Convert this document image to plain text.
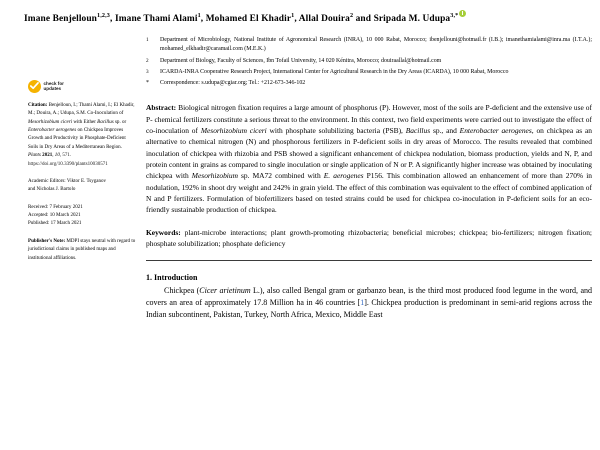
Imane Benjelloun$^{1,2,3}$, Imane Thami Alami$^1$, Mohamed El Khadir$^1$, Allal Douira$^2$ and Sripada M. Udupa$^{3,*}$
check for
updates
Citation: Benjelloun, I.; Thami Alami, I.; El Khadir, M.; Douira, A.; Udupa, S.M. Co-Inoculation of Mesorhizobium ciceri with Either Bacillus sp. or Enterobacter aerogenes on Chickpea Improves Growth and Productivity in Phosphate-Deficient Soils in Dry Areas of a Mediterranean Region. Plants 2021, 10, 571. https://doi.org/10.3390/plants10030571
Academic Editors: Viktor E. Tsyganov
and Nicholas J. Bartolo
Received: 7 February 2021
Accepted: 10 March 2021
Published: 17 March 2021
Publisher's Note: MDPI stays neutral with regard to jurisdictional claims in published maps and institutional affiliations.
1	Department of Microbiology, National Institute of Agronomical Research (INRA), 10 000 Rabat, Morocco; ibenjellouni@hotmail.fr (I.B.); imanethamialami@inra.ma (I.T.A.); mohamed_elkhadir@caramail.com (M.E.K.)
2	Department of Biology, Faculty of Sciences, Ibn Tofail University, 14 020 Kénitra, Morocco; douiraallal@hotmail.com
3	ICARDA-INRA Cooperative Research Project, International Center for Agricultural Research in the Dry Areas (ICARDA), 10 000 Rabat, Morocco
*	Correspondence: s.udupa@cgiar.org; Tel.: +212-673-346-102
Abstract: Biological nitrogen fixation requires a large amount of phosphorus (P). However, most of the soils are P-deficient and the extensive use of P- chemical fertilizers constitute a serious threat to the environment. In this context, two field experiments were carried out to investigate the effect of co-inoculation of Mesorhizobium ciceri with phosphate solubilizing bacteria (PSB), Bacillus sp., and Enterobacter aerogenes, on chickpea as an alternative to chemical nitrogen (N) and phosphorous fertilizers in P-deficient soils in dry areas of Morocco. The results revealed that combined inoculation of chickpea with rhizobia and PSB showed a significant enhancement of chickpea nodulation, biomass production, yields and N, P, and protein content in grains as compared to single inoculation or single application of N or P. A significantly higher increase was obtained by inoculating chickpea with Mesorhizobium sp. MA72 combined with E. aerogenes P156. This combination allowed an enhancement of more than 270% in nodulation, 192% in shoot dry weight and 242% in grain yield. The effect of this combination was equivalent to the effect of combined application of N and P fertilizers. Formulation of biofertilizers based on tested strains could be used for chickpea co-inoculation in P-deficient soils for an eco-friendly sustainable production of chickpea.
Keywords: plant-microbe interactions; plant growth-promoting rhizobacteria; beneficial microbes; chickpea; bio-fertilizers; nitrogen fixation; phosphate solubilization; phosphate deficiency
1. Introduction
Chickpea (Cicer arietinum L.), also called Bengal gram or garbanzo bean, is the third most produced food legume in the word, and covers an area of approximately 17.8 Million ha in 46 countries [1]. Chickpea production is predominant in semi-arid regions across the Indian subcontinent, Pakistan, Turkey, North Africa, Mexico, Middle East
